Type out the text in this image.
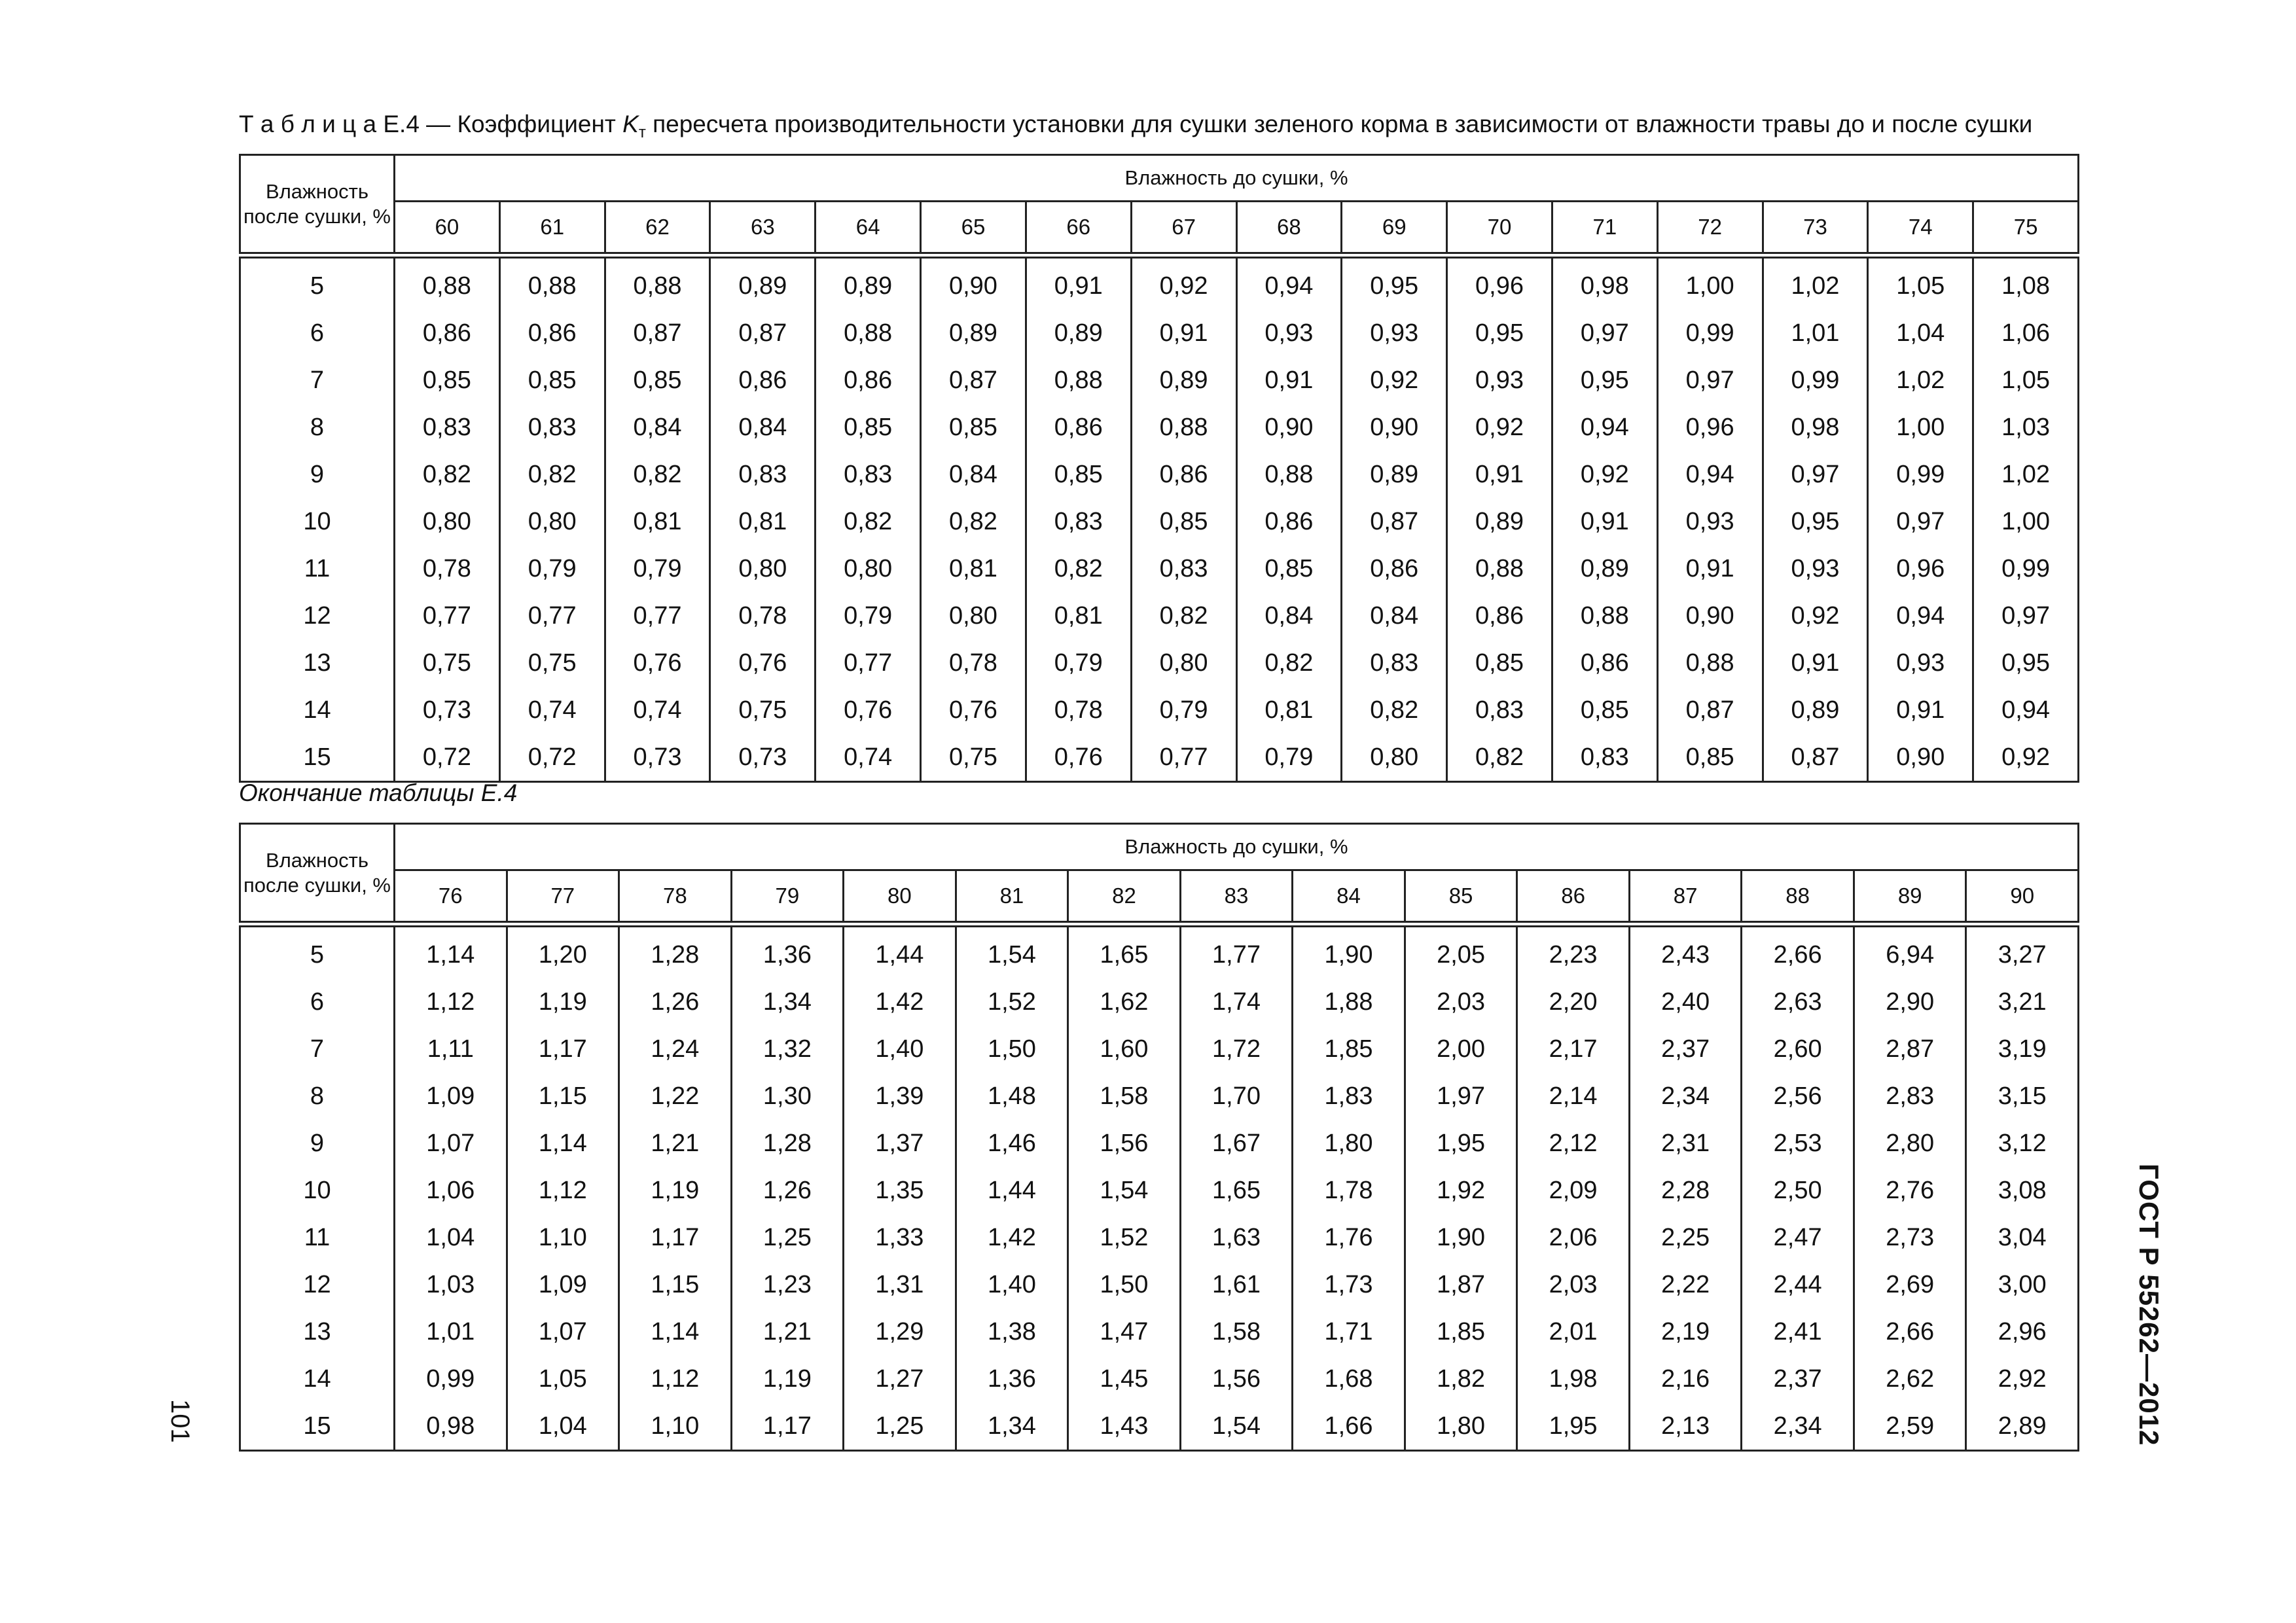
Т а б л и ц а Е.4 — Коэффициент $K_т$ пересчета производительности установки для сушки зеленого корма в зависимости от влажности травы до и после сушки
Влажность после сушки, %	Влажность до сушки, %															
	60	61	62	63	64	65	66	67	68	69	70	71	72	73	74	75
5	0,88	0,88	0,88	0,89	0,89	0,90	0,91	0,92	0,94	0,95	0,96	0,98	1,00	1,02	1,05	1,08
6	0,86	0,86	0,87	0,87	0,88	0,89	0,89	0,91	0,93	0,93	0,95	0,97	0,99	1,01	1,04	1,06
7	0,85	0,85	0,85	0,86	0,86	0,87	0,88	0,89	0,91	0,92	0,93	0,95	0,97	0,99	1,02	1,05
8	0,83	0,83	0,84	0,84	0,85	0,85	0,86	0,88	0,90	0,90	0,92	0,94	0,96	0,98	1,00	1,03
9	0,82	0,82	0,82	0,83	0,83	0,84	0,85	0,86	0,88	0,89	0,91	0,92	0,94	0,97	0,99	1,02
10	0,80	0,80	0,81	0,81	0,82	0,82	0,83	0,85	0,86	0,87	0,89	0,91	0,93	0,95	0,97	1,00
11	0,78	0,79	0,79	0,80	0,80	0,81	0,82	0,83	0,85	0,86	0,88	0,89	0,91	0,93	0,96	0,99
12	0,77	0,77	0,77	0,78	0,79	0,80	0,81	0,82	0,84	0,84	0,86	0,88	0,90	0,92	0,94	0,97
13	0,75	0,75	0,76	0,76	0,77	0,78	0,79	0,80	0,82	0,83	0,85	0,86	0,88	0,91	0,93	0,95
14	0,73	0,74	0,74	0,75	0,76	0,76	0,78	0,79	0,81	0,82	0,83	0,85	0,87	0,89	0,91	0,94
15	0,72	0,72	0,73	0,73	0,74	0,75	0,76	0,77	0,79	0,80	0,82	0,83	0,85	0,87	0,90	0,92
Окончание таблицы Е.4
Влажность после сушки, %	Влажность до сушки, %														
	76	77	78	79	80	81	82	83	84	85	86	87	88	89	90
5	1,14	1,20	1,28	1,36	1,44	1,54	1,65	1,77	1,90	2,05	2,23	2,43	2,66	6,94	3,27
6	1,12	1,19	1,26	1,34	1,42	1,52	1,62	1,74	1,88	2,03	2,20	2,40	2,63	2,90	3,21
7	1,11	1,17	1,24	1,32	1,40	1,50	1,60	1,72	1,85	2,00	2,17	2,37	2,60	2,87	3,19
8	1,09	1,15	1,22	1,30	1,39	1,48	1,58	1,70	1,83	1,97	2,14	2,34	2,56	2,83	3,15
9	1,07	1,14	1,21	1,28	1,37	1,46	1,56	1,67	1,80	1,95	2,12	2,31	2,53	2,80	3,12
10	1,06	1,12	1,19	1,26	1,35	1,44	1,54	1,65	1,78	1,92	2,09	2,28	2,50	2,76	3,08
11	1,04	1,10	1,17	1,25	1,33	1,42	1,52	1,63	1,76	1,90	2,06	2,25	2,47	2,73	3,04
12	1,03	1,09	1,15	1,23	1,31	1,40	1,50	1,61	1,73	1,87	2,03	2,22	2,44	2,69	3,00
13	1,01	1,07	1,14	1,21	1,29	1,38	1,47	1,58	1,71	1,85	2,01	2,19	2,41	2,66	2,96
14	0,99	1,05	1,12	1,19	1,27	1,36	1,45	1,56	1,68	1,82	1,98	2,16	2,37	2,62	2,92
15	0,98	1,04	1,10	1,17	1,25	1,34	1,43	1,54	1,66	1,80	1,95	2,13	2,34	2,59	2,89
101	ГОСТ Р 55262—2012
